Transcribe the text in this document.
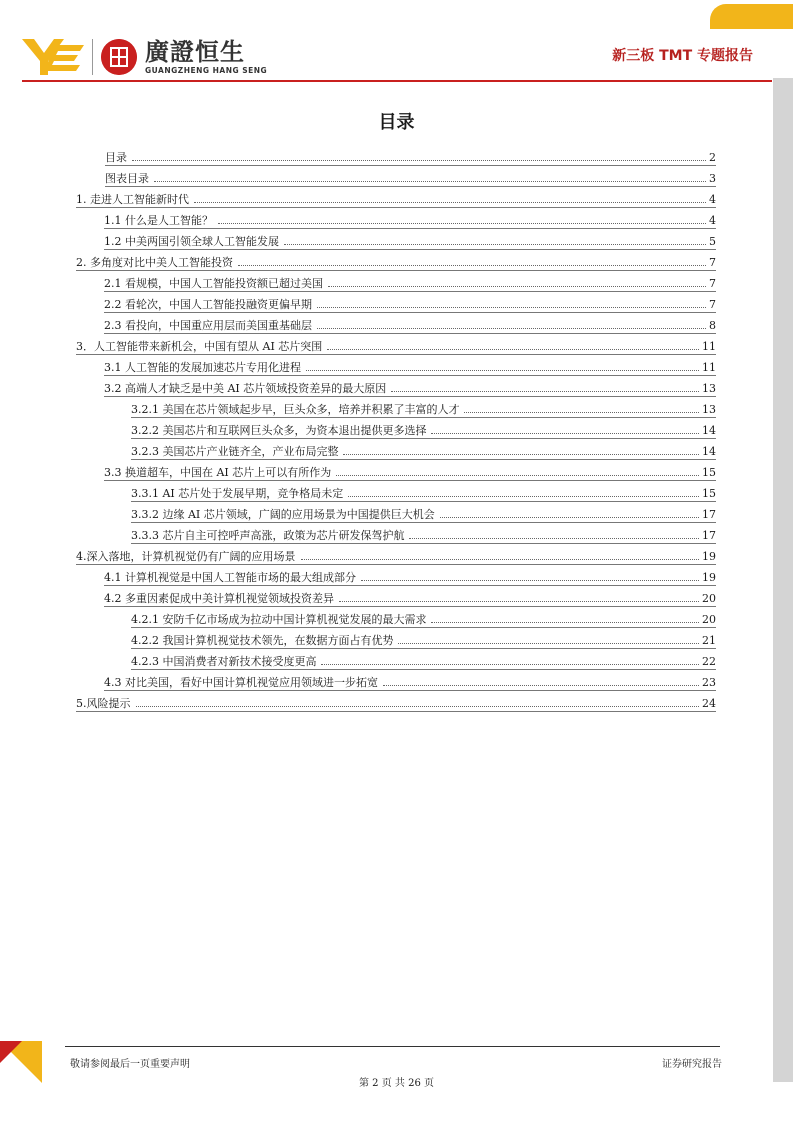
廣證恒生
GUANGZHENG HANG SENG
新三板 TMT 专题报告
目录
目录	2
图表目录	3
1. 走进人工智能新时代	4
1.1 什么是人工智能？	4
1.2 中美两国引领全球人工智能发展	5
2. 多角度对比中美人工智能投资	7
2.1 看规模，中国人工智能投资额已超过美国	7
2.2 看轮次，中国人工智能投融资更偏早期	7
2.3 看投向，中国重应用层而美国重基础层	8
3．人工智能带来新机会，中国有望从 AI 芯片突围	11
3.1 人工智能的发展加速芯片专用化进程	11
3.2 高端人才缺乏是中美 AI 芯片领域投资差异的最大原因	13
3.2.1 美国在芯片领域起步早，巨头众多，培养并积累了丰富的人才	13
3.2.2 美国芯片和互联网巨头众多，为资本退出提供更多选择	14
3.2.3 美国芯片产业链齐全，产业布局完整	14
3.3 换道超车，中国在 AI 芯片上可以有所作为	15
3.3.1 AI 芯片处于发展早期，竞争格局未定	15
3.3.2 边缘 AI 芯片领域，广阔的应用场景为中国提供巨大机会	17
3.3.3 芯片自主可控呼声高涨，政策为芯片研发保驾护航	17
4.深入落地，计算机视觉仍有广阔的应用场景	19
4.1 计算机视觉是中国人工智能市场的最大组成部分	19
4.2 多重因素促成中美计算机视觉领域投资差异	20
4.2.1 安防千亿市场成为拉动中国计算机视觉发展的最大需求	20
4.2.2 我国计算机视觉技术领先，在数据方面占有优势	21
4.2.3 中国消费者对新技术接受度更高	22
4.3 对比美国，看好中国计算机视觉应用领域进一步拓宽	23
5.风险提示	24
敬请参阅最后一页重要声明	证券研究报告
第 2 页 共 26 页
